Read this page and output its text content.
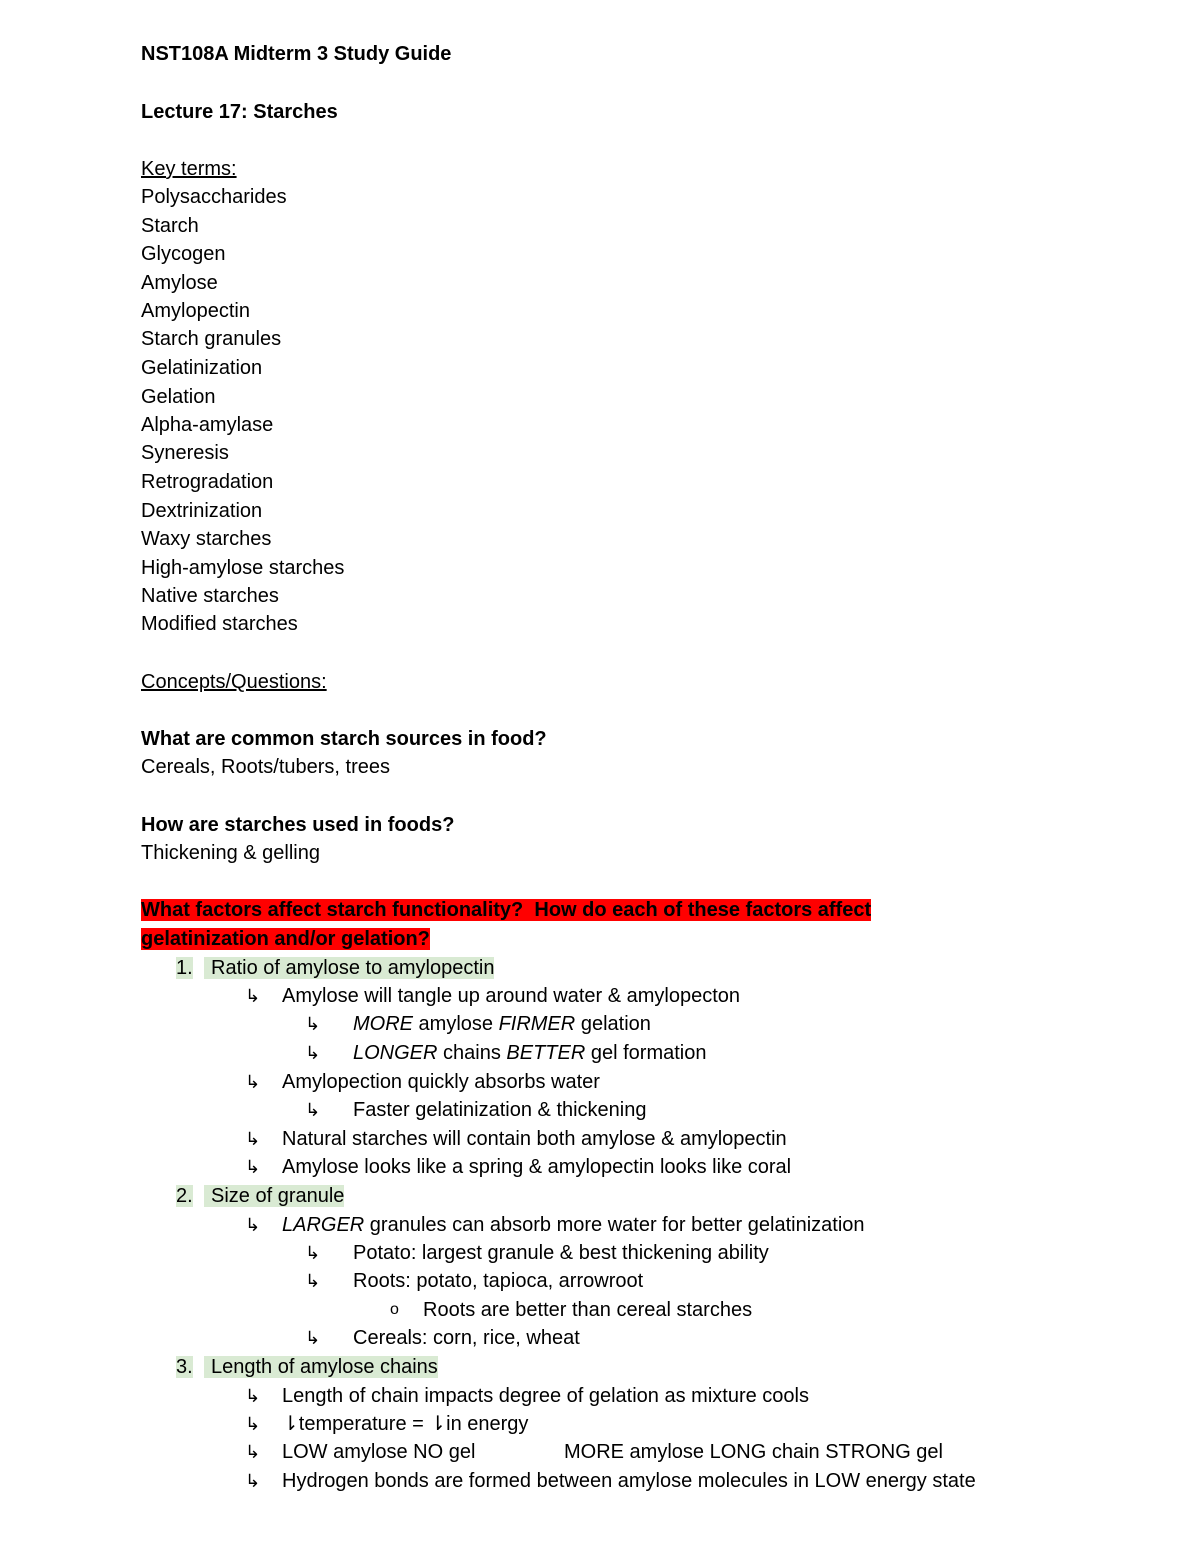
NST108A Midterm 3 Study Guide
Lecture 17: Starches
Key terms:
Polysaccharides
Starch
Glycogen
Amylose
Amylopectin
Starch granules
Gelatinization
Gelation
Alpha-amylase
Syneresis
Retrogradation
Dextrinization
Waxy starches
High-amylose starches
Native starches
Modified starches
Concepts/Questions:
What are common starch sources in food?
Cereals, Roots/tubers, trees
How are starches used in foods?
Thickening & gelling
What factors affect starch functionality?  How do each of these factors affect
gelatinization and/or gelation?
1. Ratio of amylose to amylopectin
↳ Amylose will tangle up around water & amylopecton
↳ MORE amylose FIRMER gelation
↳ LONGER chains BETTER gel formation
↳ Amylopection quickly absorbs water
↳ Faster gelatinization & thickening
↳ Natural starches will contain both amylose & amylopectin
↳ Amylose looks like a spring & amylopectin looks like coral
2. Size of granule
↳ LARGER granules can absorb more water for better gelatinization
↳ Potato: largest granule & best thickening ability
↳ Roots: potato, tapioca, arrowroot
o Roots are better than cereal starches
↳ Cereals: corn, rice, wheat
3. Length of amylose chains
↳ Length of chain impacts degree of gelation as mixture cools
↳ ⇂temperature = ⇂in energy
↳ LOW amylose NO gel	MORE amylose LONG chain STRONG gel
↳ Hydrogen bonds are formed between amylose molecules in LOW energy state
